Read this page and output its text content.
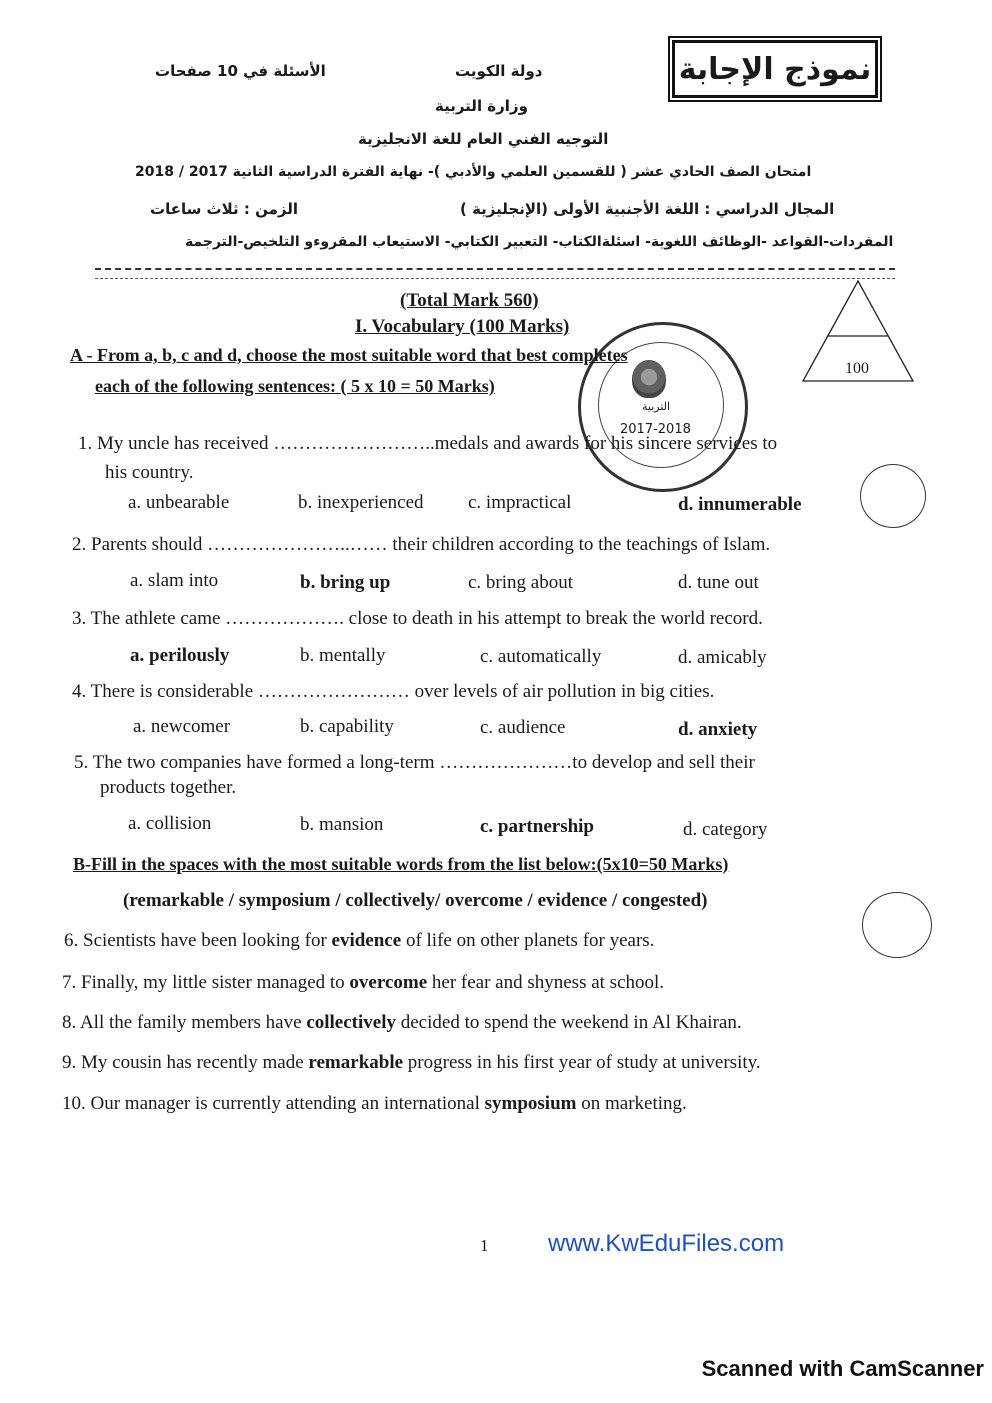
نموذج الإجابة
الأسئلة في 10 صفحات	دولة الكويت
وزارة التربية
التوجيه الفني العام للغة الانجليزية
امتحان الصف الحادي عشر ( للقسمين العلمي والأدبي )- نهاية الفترة الدراسية الثانية 2017 / 2018
المجال الدراسي : اللغة الأجنبية الأولى (الإنجليزية )
الزمن : ثلاث ساعات
المفردات-القواعد -الوظائف اللغوية- اسئلةالكتاب- التعبير الكتابي- الاستيعاب المقروءو التلخيص-الترجمة
(Total Mark 560)
I. Vocabulary (100 Marks)
100
التربية
2017-2018
A - From a, b, c and d, choose the most suitable word that best completes
each of the following sentences: ( 5 x 10 = 50 Marks)
1. My uncle has received ……………………..medals and awards for his sincere services to
his country.
a. unbearable	b. inexperienced c. impractical	d. innumerable
2. Parents should …………………..…… their children according to the teachings of Islam.
a. slam into	b. bring up	c. bring about	d. tune out
3. The athlete came ………………. close to death in his attempt to break the world record.
a. perilously	b. mentally	c. automatically	d. amicably
4. There is considerable …………………… over levels of air pollution in big cities.
a. newcomer	b. capability	c. audience	d. anxiety
5. The two companies have formed a long-term …………………to develop and sell their
products together.
a. collision	b. mansion	c. partnership	d. category
B-Fill in the spaces with the most suitable words from the list below:(5x10=50 Marks)
(remarkable / symposium / collectively/ overcome / evidence / congested)
6. Scientists have been looking for evidence of life on other planets for years.
7. Finally, my little sister managed to overcome her fear and shyness at school.
8. All the family members have collectively decided to spend the weekend in Al Khairan.
9. My cousin has recently made remarkable progress in his first year of study at university.
10. Our manager is currently attending an international symposium on marketing.
1 www.KwEduFiles.com
Scanned with CamScanner
